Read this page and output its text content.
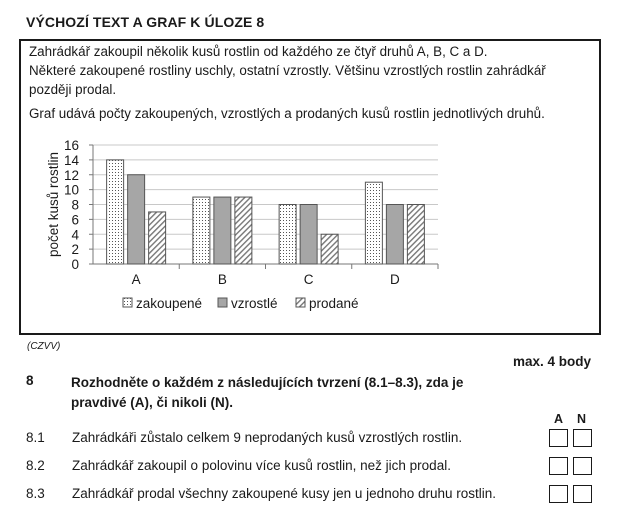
VÝCHOZÍ TEXT A GRAF K ÚLOZE 8
Zahrádkář zakoupil několik kusů rostlin od každého ze čtyř druhů A, B, C a D.
Některé zakoupené rostliny uschly, ostatní vzrostly. Většinu vzrostlých rostlin zahrádkář
později prodal.
Graf udává počty zakoupených, vzrostlých a prodaných kusů rostlin jednotlivých druhů.
0
2
4
6
8
10
12
14
16
počet kusů rostlin
A	B	C	D
zakoupené vzrostlé prodané
(CZVV)
max. 4 body
8	Rozhodněte o každém z následujících tvrzení (8.1–8.3), zda je
pravdivé (A), či nikoli (N).
A N
8.1 Zahrádkáři zůstalo celkem 9 neprodaných kusů vzrostlých rostlin.
8.2 Zahrádkář zakoupil o polovinu více kusů rostlin, než jich prodal.
8.3 Zahrádkář prodal všechny zakoupené kusy jen u jednoho druhu rostlin.
